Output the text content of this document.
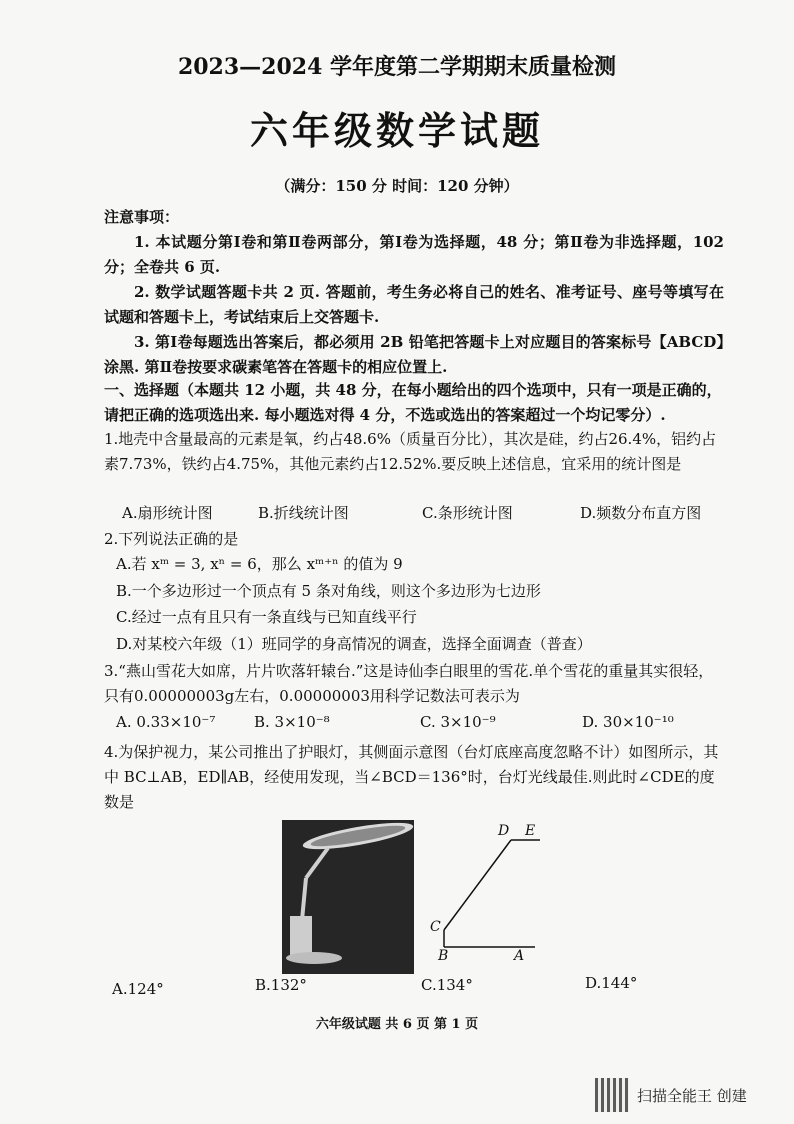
2023—2024 学年度第二学期期末质量检测
六年级数学试题
（满分：150 分 时间：120 分钟）
注意事项：
1. 本试题分第Ⅰ卷和第Ⅱ卷两部分，第Ⅰ卷为选择题，48 分；第Ⅱ卷为非选择题，102 分；全卷共 6 页.
2. 数学试题答题卡共 2 页. 答题前，考生务必将自己的姓名、准考证号、座号等填写在试题和答题卡上，考试结束后上交答题卡.
3. 第Ⅰ卷每题选出答案后，都必须用 2B 铅笔把答题卡上对应题目的答案标号【ABCD】涂黑. 第Ⅱ卷按要求碳素笔答在答题卡的相应位置上.
一、选择题（本题共 12 小题，共 48 分，在每小题给出的四个选项中，只有一项是正确的，请把正确的选项选出来. 每小题选对得 4 分，不选或选出的答案超过一个均记零分）.
1.地壳中含量最高的元素是氧，约占48.6%（质量百分比），其次是硅，约占26.4%，铝约占素7.73%，铁约占4.75%，其他元素约占12.52%.要反映上述信息，宜采用的统计图是
A.扇形统计图	B.折线统计图	C.条形统计图	D.频数分布直方图
2.下列说法正确的是
A.若 xᵐ = 3, xⁿ = 6，那么 xᵐ⁺ⁿ 的值为 9
B.一个多边形过一个顶点有 5 条对角线，则这个多边形为七边形
C.经过一点有且只有一条直线与已知直线平行
D.对某校六年级（1）班同学的身高情况的调查，选择全面调查（普查）
3.“燕山雪花大如席，片片吹落轩辕台.”这是诗仙李白眼里的雪花.单个雪花的重量其实很轻，只有0.00000003g左右，0.00000003用科学记数法可表示为
A. 0.33×10⁻⁷	B. 3×10⁻⁸	C. 3×10⁻⁹	D. 30×10⁻¹⁰
4.为保护视力，某公司推出了护眼灯，其侧面示意图（台灯底座高度忽略不计）如图所示，其中 BC⊥AB，ED∥AB，经使用发现，当∠BCD＝136°时，台灯光线最佳.则此时∠CDE的度数是
D E
C
B	A
A.124°	B.132°	C.134°	D.144°
六年级试题 共 6 页 第 1 页
扫描全能王 创建
